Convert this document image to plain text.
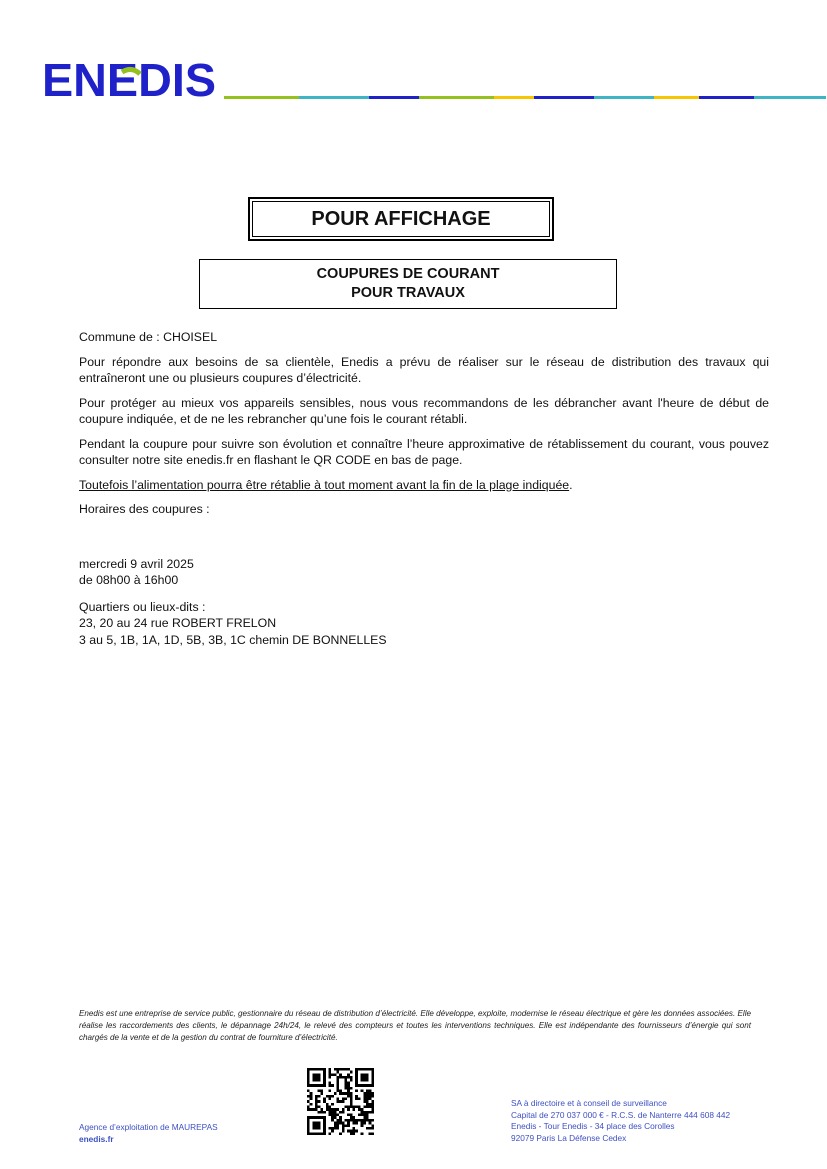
ENEDIS
POUR AFFICHAGE
COUPURES DE COURANT
POUR TRAVAUX

Commune de : CHOISEL

Pour répondre aux besoins de sa clientèle, Enedis a prévu de réaliser sur le réseau de distribution des travaux qui entraîneront une ou plusieurs coupures d’électricité.

Pour protéger au mieux vos appareils sensibles, nous vous recommandons de les débrancher avant l'heure de début de coupure indiquée, et de ne les rebrancher qu’une fois le courant rétabli.

Pendant la coupure pour suivre son évolution et connaître l’heure approximative de rétablissement du courant, vous pouvez consulter notre site enedis.fr en flashant le QR CODE en bas de page.

Toutefois l’alimentation pourra être rétablie à tout moment avant la fin de la plage indiquée.

Horaires des coupures :

mercredi 9 avril 2025
de 08h00 à 16h00
Quartiers ou lieux-dits :
23, 20 au 24 rue ROBERT FRELON
3 au 5, 1B, 1A, 1D, 5B, 3B, 1C chemin DE BONNELLES
Enedis est une entreprise de service public, gestionnaire du réseau de distribution d’électricité. Elle développe, exploite, modernise le réseau électrique et gère les données associées. Elle réalise les raccordements des clients, le dépannage 24h/24, le relevé des compteurs et toutes les interventions techniques. Elle est indépendante des fournisseurs d’énergie qui sont chargés de la vente et de la gestion du contrat de fourniture d’électricité.
Agence d’exploitation de MAUREPAS
enedis.fr
SA à directoire et à conseil de surveillance
Capital de 270 037 000 € - R.C.S. de Nanterre 444 608 442
Enedis - Tour Enedis - 34 place des Corolles
92079 Paris La Défense Cedex
